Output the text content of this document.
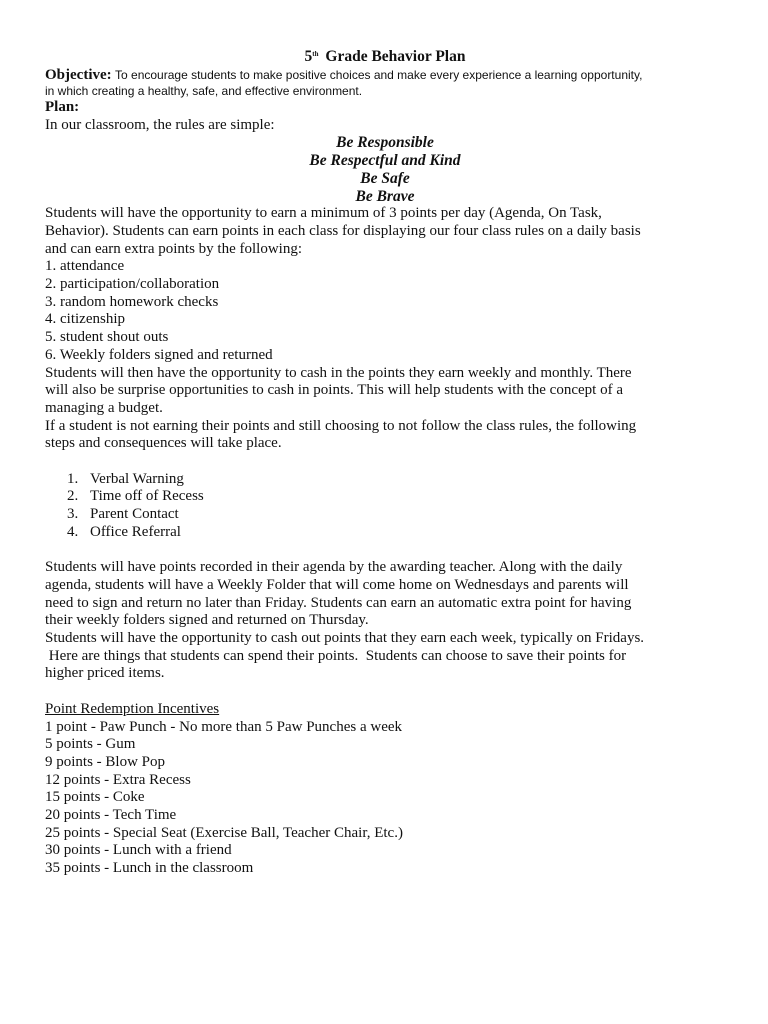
5th Grade Behavior Plan
Objective: To encourage students to make positive choices and make every experience a learning opportunity,
in which creating a healthy, safe, and effective environment.
Plan:
In our classroom, the rules are simple:
Be Responsible
Be Respectful and Kind
Be Safe
Be Brave
Students will have the opportunity to earn a minimum of 3 points per day (Agenda, On Task,
Behavior). Students can earn points in each class for displaying our four class rules on a daily basis
and can earn extra points by the following:
1. attendance
2. participation/collaboration
3. random homework checks
4. citizenship
5. student shout outs
6. Weekly folders signed and returned
Students will then have the opportunity to cash in the points they earn weekly and monthly. There
will also be surprise opportunities to cash in points. This will help students with the concept of a
managing a budget.
If a student is not earning their points and still choosing to not follow the class rules, the following
steps and consequences will take place.
1. Verbal Warning
2. Time off of Recess
3. Parent Contact
4. Office Referral
Students will have points recorded in their agenda by the awarding teacher. Along with the daily
agenda, students will have a Weekly Folder that will come home on Wednesdays and parents will
need to sign and return no later than Friday. Students can earn an automatic extra point for having
their weekly folders signed and returned on Thursday.
Students will have the opportunity to cash out points that they earn each week, typically on Fridays.
Here are things that students can spend their points.  Students can choose to save their points for
higher priced items.
Point Redemption Incentives
1 point - Paw Punch - No more than 5 Paw Punches a week
5 points - Gum
9 points - Blow Pop
12 points - Extra Recess
15 points - Coke
20 points - Tech Time
25 points - Special Seat (Exercise Ball, Teacher Chair, Etc.)
30 points - Lunch with a friend
35 points - Lunch in the classroom
